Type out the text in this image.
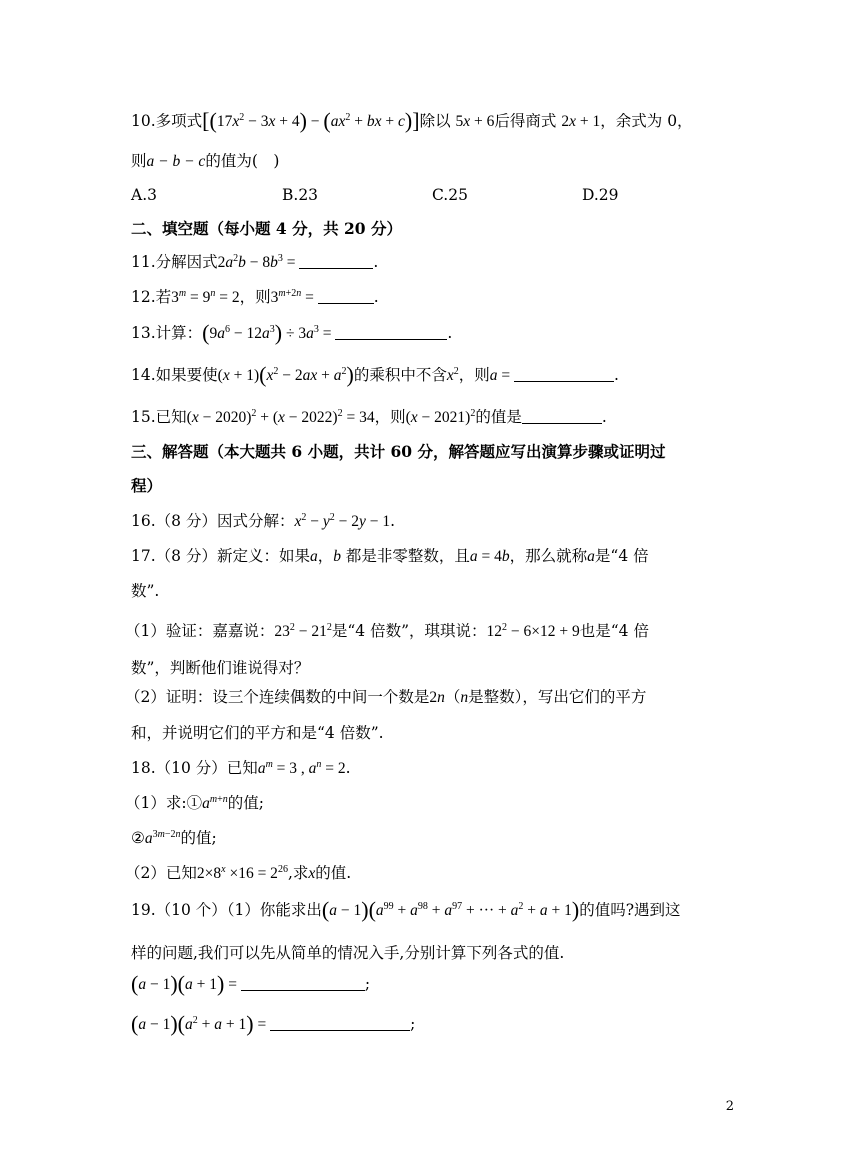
10.多项式[$(17x^2 - 3x + 4) - (ax^2$ + bx + c)]除以 5x + 6后得商式 2x + 1，余式为 0，
则a − b − c的值为(　)
A.3	B.23	C.25	D.29
二、填空题（每小题 4 分，共 20 分）
11.分解因式$2a^2b - 8b^3$ =	.
12.若$3^m = 9^n = 2$，则$3^{m+2n}$ =	.
13.计算：$(9a^6 - 12a^3) \div 3a^3$ =	.
14.如果要使$(x + 1)(x^2 - 2ax + a^2)$的乘积中不含$x^2$，则a =	.
15.已知$(x - 2020)^2 + (x - 2022)^2 = 34$，则$(x - 2021)^2$的值是	.
三、解答题（本大题共 6 小题，共计 60 分，解答题应写出演算步骤或证明过
程）
16.（8 分）因式分解：$x^2 - y^2 - 2y - 1$.
17.（8 分）新定义：如果a，b 都是非零整数，且a = 4b，那么就称a是“4 倍
数”.
（1）验证：嘉嘉说：$23^2 - 21^2$是“4 倍数”，琪琪说：$12^2 - 6\times 12 + 9$也是“4 倍
数”，判断他们谁说得对？
（2）证明：设三个连续偶数的中间一个数是2n（n是整数），写出它们的平方
和，并说明它们的平方和是“4 倍数”.
18.（10 分）已知$a^m = 3$ , $a^n = 2$.
（1）求$:①a^{m+n}$的值;
$②a^{3m-2n}$的值;
（2）已知$2\times 8^x \times 16 = 2^{26}$,求x的值.
19.（10 个）（1）你能求出$(a - 1)(a^{99} + a^{98} + a^{97}$ + ··· + $a^2 + a + 1$)的值吗?遇到这
样的问题,我们可以先从简单的情况入手,分别计算下列各式的值.
(a − 1)(a + 1) =	;
$(a - 1)(a^2 + a + 1)$ =	;
2
